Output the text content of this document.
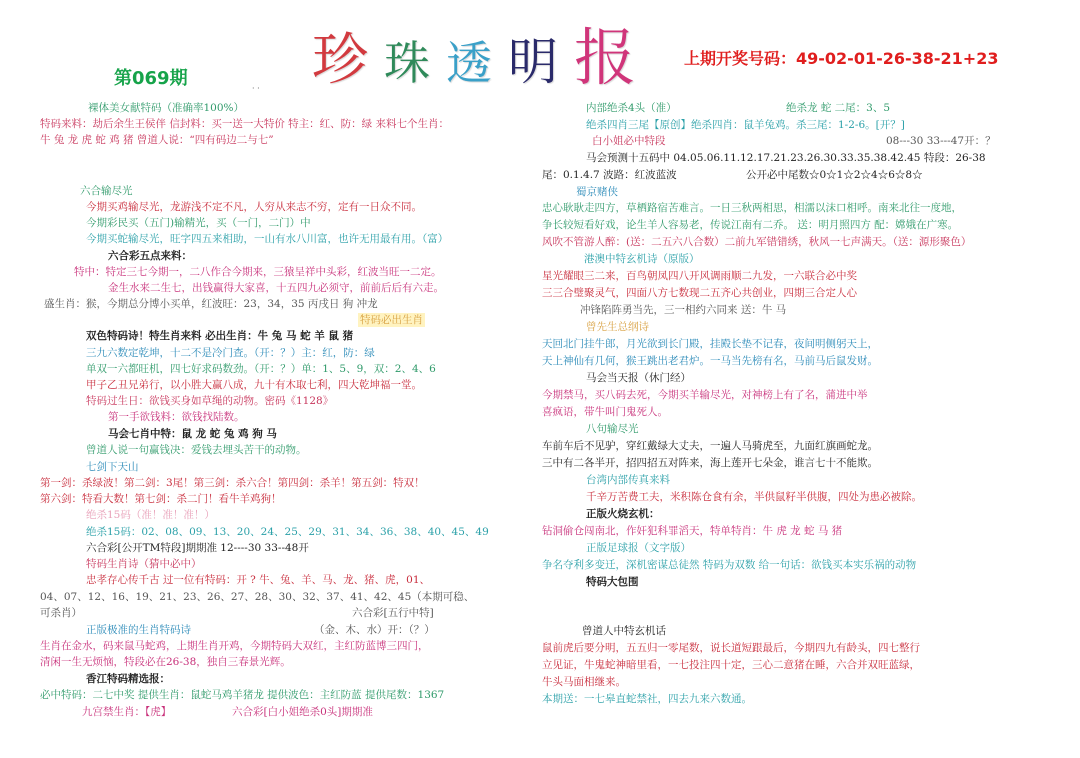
珍 珠 透 明 报
第069期	· ·
上期开奖号码：49-02-01-26-38-21+23
裸体美女献特码（准确率100%）
特码来料：劫后余生王侯伴 信封料：买一送一大特价 特主：红、防：绿 来料七个生肖：
牛 兔 龙 虎 蛇 鸡 猪 曾道人说：“四有码边二与七”
六合输尽光
今期买鸡输尽光，龙游浅不定不凡，人穷从来志不穷，定有一日众不同。
今期彩民买（五门)输精光，买（一门，二门）中
今期买蛇输尽光，旺字四五来相助，一山有水八川富，也许无用最有用。（富）
六合彩五点来料：
特中：特定三七今期一，二八作合今期来，三猿呈祥中头彩，红波当旺一二定。
金生水来二生七，出钱赢得大家喜，十五四九必须守，前前后后有六走。
盛生肖：猴，今期总分博小买单，红波旺：23，34，35 丙戌日 狗 冲龙
特码必出生肖
双色特码诗！特生肖来料 必出生肖：牛 兔 马 蛇 羊 鼠 猪
三九六数定乾坤，十二不是冷门查。（开：？）主：红，防：绿
单双一六都旺机，四七好求码数劲。（开：？）单：1、5、9，双：2、4、6
甲子乙丑兄弟行，以小胜大赢八成，九十有木取七利，四大乾坤福一堂。
特码过生日：欲钱买身如草绳的动物。密码《1128》
第一手欲钱料：欲钱找陆数。
马会七肖中特：鼠 龙 蛇 兔 鸡 狗 马
曾道人说一句赢钱决：爱钱去埋头苦干的动物。
七剑下天山
第一剑：杀绿波！第二剑：3尾！第三剑：杀六合！第四剑：杀羊！第五剑：特双！
第六剑：特看大数！第七剑：杀二门！看牛羊鸡狗！
绝杀15码（准！准！准！）
绝杀15码：02、08、09、13、20、24、25、29、31、34、36、38、40、45、49
六合彩[公开TM特段]期期准 12----30 33--48开
特码生肖诗（猜中必中）
忠孝存心传千古 过一位有特码：开 ? 牛、兔、羊、马、龙、猪、虎，01、
04、07、12、16、19、21、23、26、27、28、30、32、37、41、42、45（本期可稳、
可杀肖）	六合彩[五行中特]
正版极准的生肖特码诗	（金、木、水）开：（？）
生肖在金水，码来鼠马蛇鸡，上期生肖开鸡，今期特码大双红，主红防蓝博三四门，
清闲一生无烦恼，特段必在26-38，独自三春景光辉。
香江特码精选报：
必中特码：二七中奖 提供生肖：鼠蛇马鸡羊猪龙 提供波色：主红防蓝 提供尾数：1367
九宫禁生肖：【虎】	六合彩[白小姐绝杀0头]期期准
内部绝杀4头（准）	绝杀龙 蛇 二尾：3、5
绝杀四肖三尾【原创】绝杀四肖：鼠羊兔鸡。杀三尾：1-2-6。[开？]
白小姐必中特段	08---30 33---47开：？
马会预测十五码中 04.05.06.11.12.17.21.23.26.30.33.35.38.42.45 特段：26-38
尾：0.1.4.7 波路：红波蓝波	公开必中尾数☆0☆1☆2☆4☆6☆8☆
蜀京赌侠
忠心耿耿走四方，草栖路宿苦难言。一日三秋两相思，相濡以沫口相呼。南来北往一度地，
争长较短看好戏，论生羊人容易老，传说江南有二乔。 送：明月照四方 配：嫦娥在广寒。
风吹不管游人醉：(送：二五六八合数）二前九军错错绣，秋风一七声满天。（送：源形聚色）
港澳中特玄机诗（原版）
星光耀眼三二来，百鸟朝凤四八开风调雨顺二九发，一六联合必中奖
三三合璧聚灵气，四面八方七数现二五齐心共创业，四期三合定人心
冲锋陷阵勇当先，三一相约六同来 送：牛 马
曾先生总纲诗
天回北门挂牛郎，月光欲到长门殿，挂殿长垫不记春，夜间明侧躬天上，
天上神仙有几何，猴王跳出老君炉。一马当先榜有名，马前马后鼠发财。
马会当天报（休门经）
今期禁马，买八码去死，今期买羊输尽光，对神榜上有了名，蒲进中举
喜疯语，带牛叫门鬼死人。
八句输尽光
车前车后不见驴，穿红戴绿大丈夫，一遍人马骑虎至，九面红旗画蛇龙。
三中有二各半开，招四招五对阵来，海上莲开七朵金，谁言七十不能欺。
台湾内部传真来料
千辛万苦费工夫，米积陈仓食有余，半供鼠籽半供腹，四处为患必被除。
正版火烧玄机：
钻洞偷仓闯南北，作奸犯科罪滔天，特单特肖：牛 虎 龙 蛇 马 猪
正版足球报（文字版）
争名夺利多变迁，深机密谋总徒然 特码为双数 给一句话：欲钱买本实乐祸的动物
特码大包围
曾道人中特玄机话
鼠前虎后要分明，五五归一零尾数，说长道短跟最后，今期四九有龄头，四七整行
立见证，牛鬼蛇神暗里看，一七投注四十定，三心二意猪在睡，六合并双旺蓝绿，
牛头马面相继来。
本期送：一七皋直蛇禁社，四去九来六数通。
